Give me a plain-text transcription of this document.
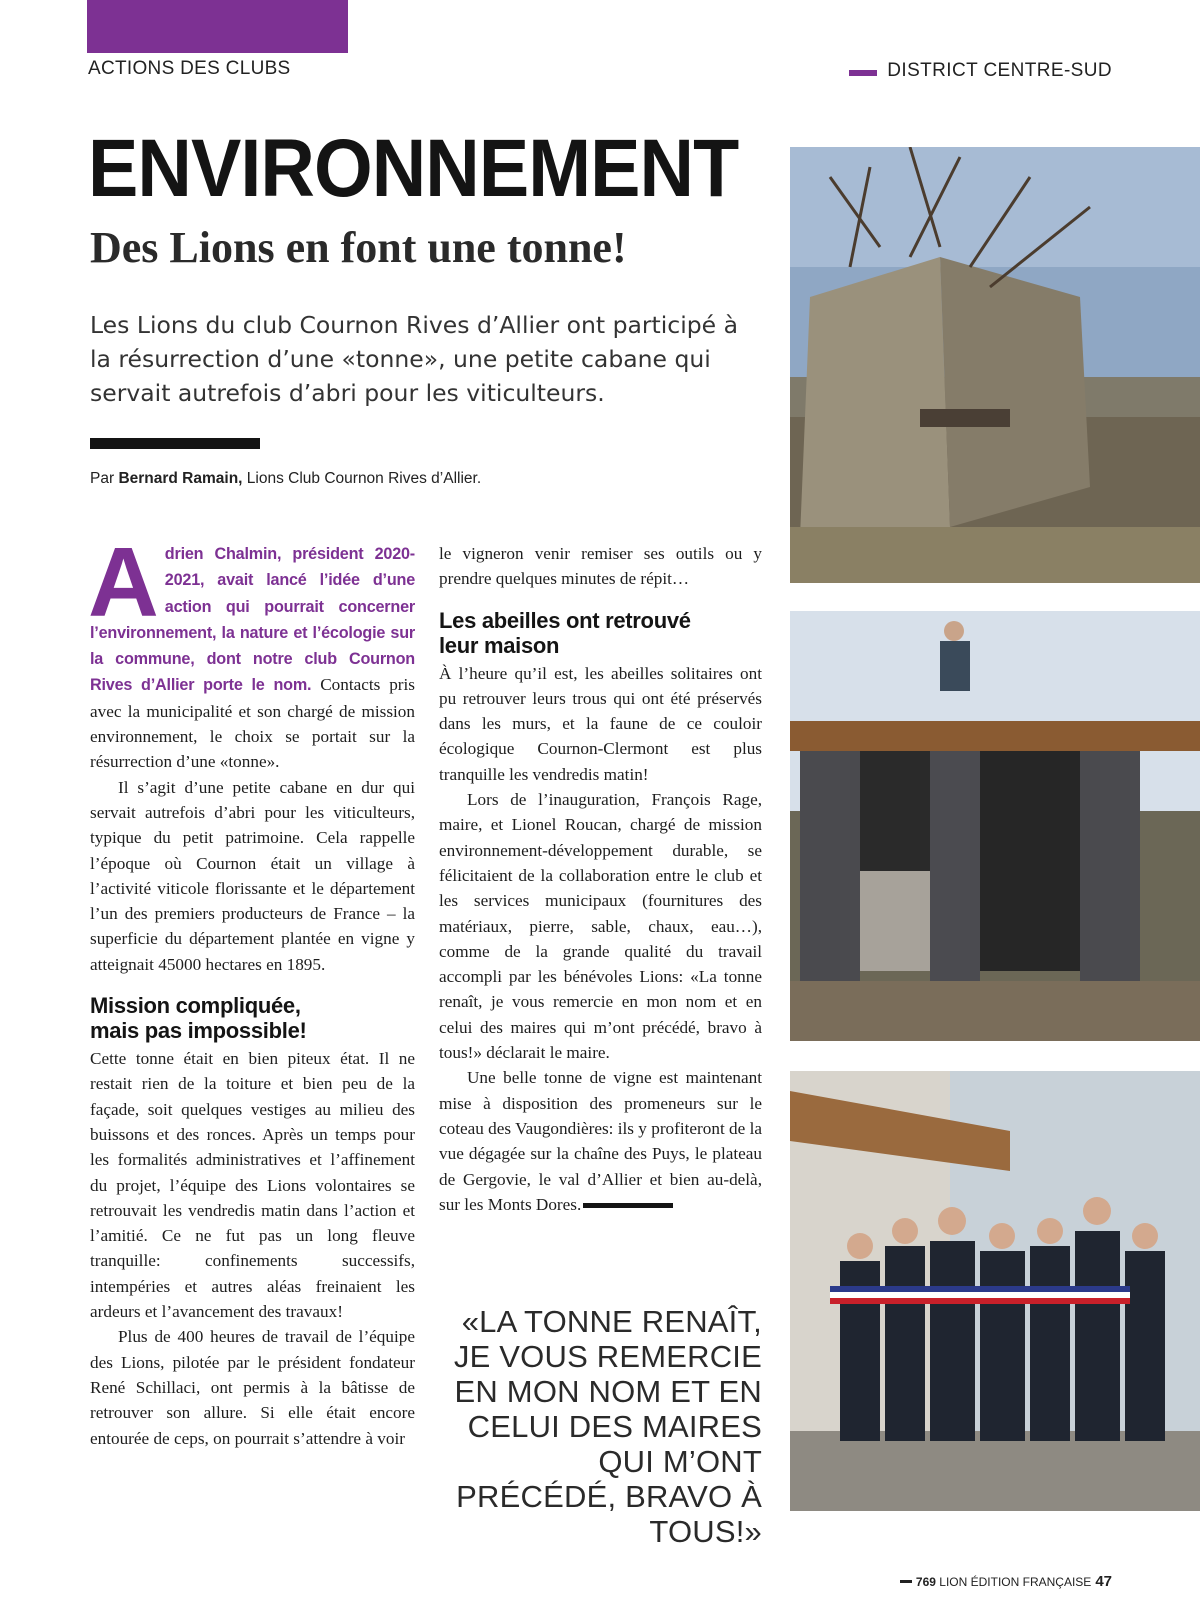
ACTIONS DES CLUBS	DISTRICT CENTRE-SUD
ENVIRONNEMENT
Des Lions en font une tonne!
Les Lions du club Cournon Rives d’Allier ont participé à la résurrection d’une «tonne», une petite cabane qui servait autrefois d’abri pour les viticulteurs.
Par Bernard Ramain, Lions Club Cournon Rives d’Allier.

Adrien Chalmin, président 2020-2021, avait lancé l’idée d’une action qui pourrait concerner l’environnement, la nature et l’écologie sur la commune, dont notre club Cournon Rives d’Allier porte le nom. Contacts pris avec la municipalité et son chargé de mission environnement, le choix se portait sur la résurrection d’une «tonne».

Il s’agit d’une petite cabane en dur qui servait autrefois d’abri pour les viticulteurs, typique du petit patrimoine. Cela rappelle l’époque où Cournon était un village à l’activité viticole florissante et le département l’un des premiers producteurs de France – la superficie du département plantée en vigne y atteignait 45000 hectares en 1895.

Mission compliquée,
mais pas impossible!

Cette tonne était en bien piteux état. Il ne restait rien de la toiture et bien peu de la façade, soit quelques vestiges au milieu des buissons et des ronces. Après un temps pour les formalités administratives et l’affinement du projet, l’équipe des Lions volontaires se retrouvait les vendredis matin dans l’action et l’amitié. Ce ne fut pas un long fleuve tranquille: confinements successifs, intempéries et autres aléas freinaient les ardeurs et l’avancement des travaux!

Plus de 400 heures de travail de l’équipe des Lions, pilotée par le président fondateur René Schillaci, ont permis à la bâtisse de retrouver son allure. Si elle était encore entourée de ceps, on pourrait s’attendre à voir

le vigneron venir remiser ses outils ou y prendre quelques minutes de répit…

Les abeilles ont retrouvé
leur maison

À l’heure qu’il est, les abeilles solitaires ont pu retrouver leurs trous qui ont été préservés dans les murs, et la faune de ce couloir écologique Cournon-Clermont est plus tranquille les vendredis matin!

Lors de l’inauguration, François Rage, maire, et Lionel Roucan, chargé de mission environnement-développement durable, se félicitaient de la collaboration entre le club et les services municipaux (fournitures des matériaux, pierre, sable, chaux, eau…), comme de la grande qualité du travail accompli par les bénévoles Lions: «La tonne renaît, je vous remercie en mon nom et en celui des maires qui m’ont précédé, bravo à tous!» déclarait le maire.

Une belle tonne de vigne est maintenant mise à disposition des promeneurs sur le coteau des Vaugondières: ils y profiteront de la vue dégagée sur la chaîne des Puys, le plateau de Gergovie, le val d’Allier et bien au-delà, sur les Monts Dores.

«LA TONNE RENAÎT, JE VOUS REMERCIE EN MON NOM ET EN CELUI DES MAIRES QUI M’ONT PRÉCÉDÉ, BRAVO À TOUS!»
769
LION ÉDITION FRANÇAISE 47
